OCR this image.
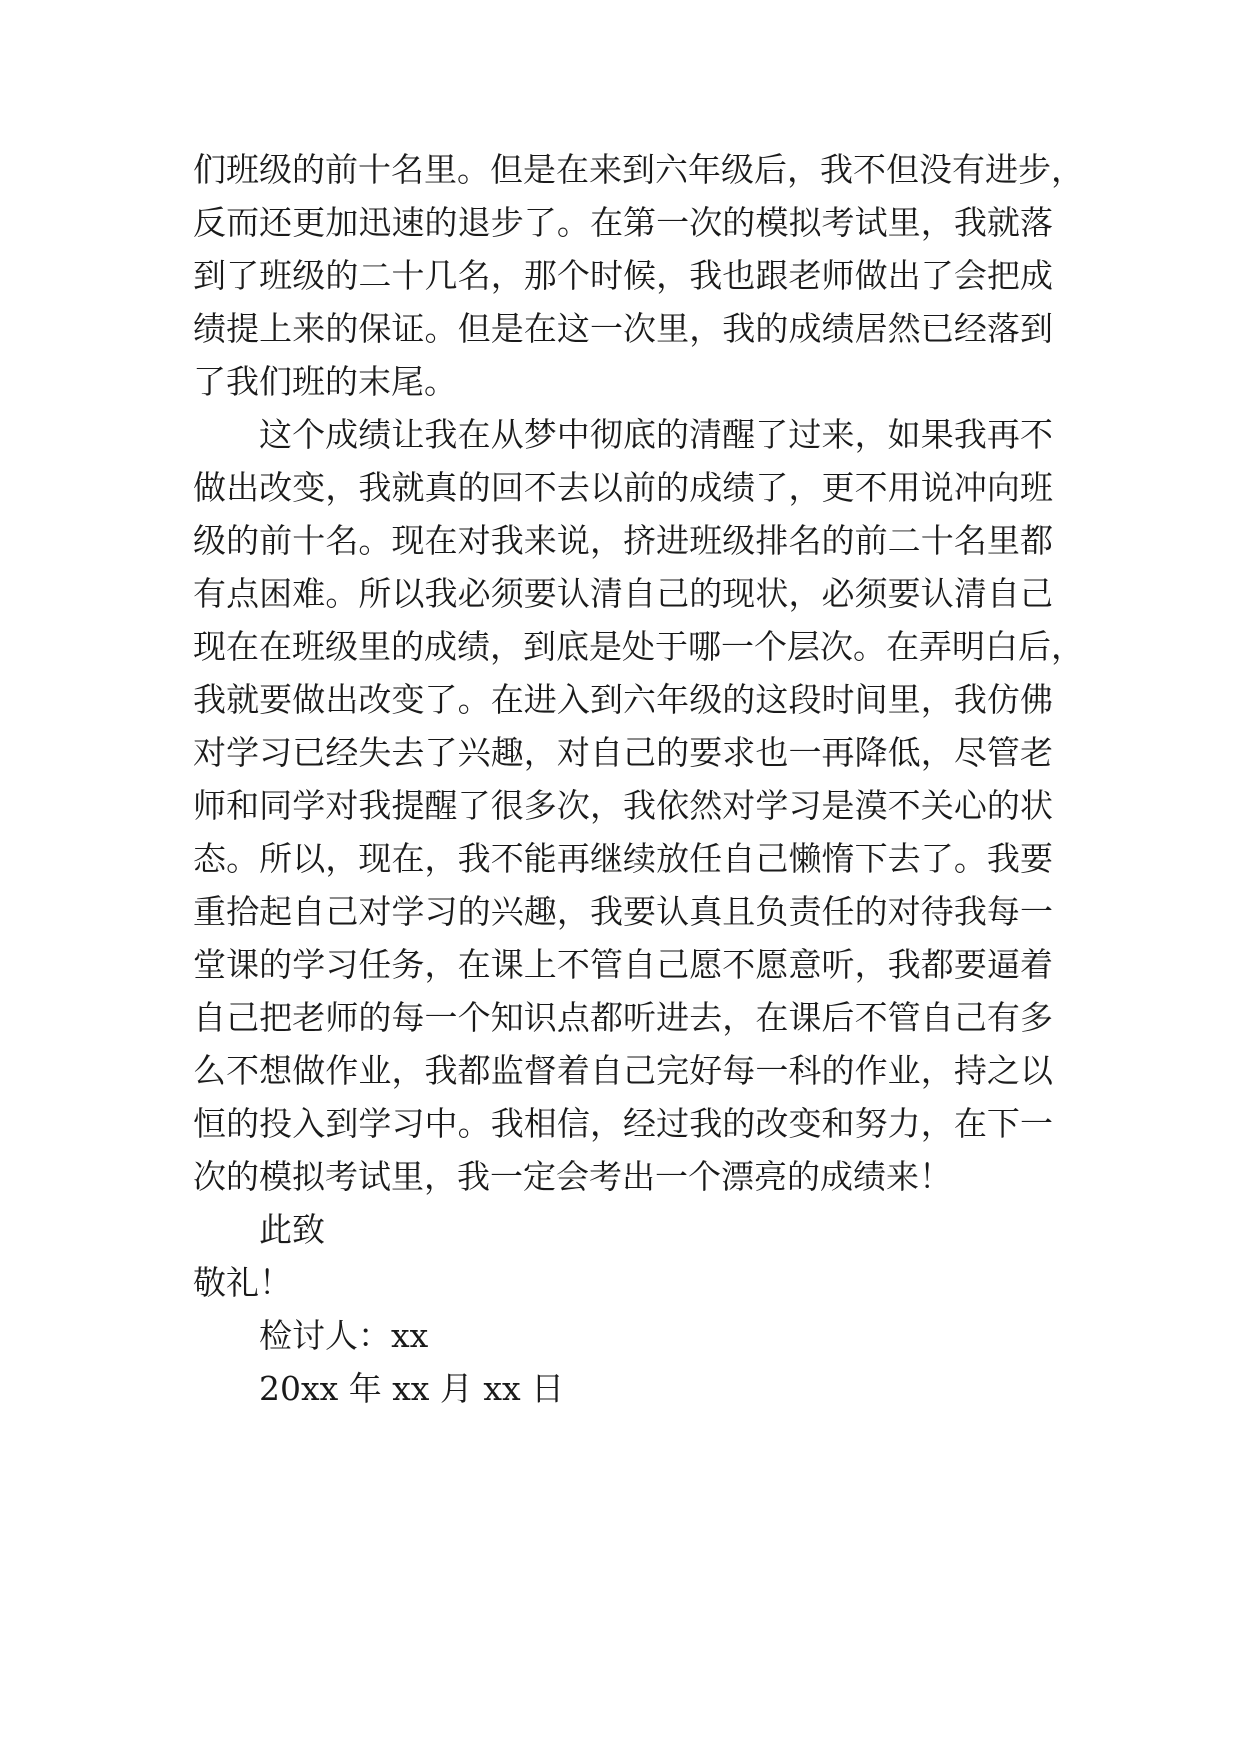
们班级的前十名里。但是在来到六年级后，我不但没有进步，
反而还更加迅速的退步了。在第一次的模拟考试里，我就落
到了班级的二十几名，那个时候，我也跟老师做出了会把成
绩提上来的保证。但是在这一次里，我的成绩居然已经落到
了我们班的末尾。
这个成绩让我在从梦中彻底的清醒了过来，如果我再不
做出改变，我就真的回不去以前的成绩了，更不用说冲向班
级的前十名。现在对我来说，挤进班级排名的前二十名里都
有点困难。所以我必须要认清自己的现状，必须要认清自己
现在在班级里的成绩，到底是处于哪一个层次。在弄明白后，
我就要做出改变了。在进入到六年级的这段时间里，我仿佛
对学习已经失去了兴趣，对自己的要求也一再降低，尽管老
师和同学对我提醒了很多次，我依然对学习是漠不关心的状
态。所以，现在，我不能再继续放任自己懒惰下去了。我要
重拾起自己对学习的兴趣，我要认真且负责任的对待我每一
堂课的学习任务，在课上不管自己愿不愿意听，我都要逼着
自己把老师的每一个知识点都听进去，在课后不管自己有多
么不想做作业，我都监督着自己完好每一科的作业，持之以
恒的投入到学习中。我相信，经过我的改变和努力，在下一
次的模拟考试里，我一定会考出一个漂亮的成绩来！
此致
敬礼！
检讨人：xx
20xx 年 xx 月 xx 日
